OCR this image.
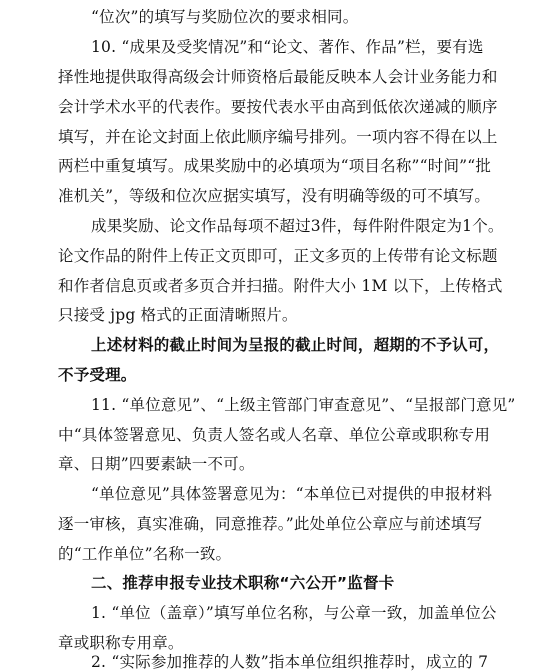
“位次”的填写与奖励位次的要求相同。
10. “成果及受奖情况”和“论文、著作、作品”栏，要有选
择性地提供取得高级会计师资格后最能反映本人会计业务能力和
会计学术水平的代表作。要按代表水平由高到低依次递减的顺序
填写，并在论文封面上依此顺序编号排列。一项内容不得在以上
两栏中重复填写。成果奖励中的必填项为“项目名称”“时间”“批
准机关”，等级和位次应据实填写，没有明确等级的可不填写。
成果奖励、论文作品每项不超过3件，每件附件限定为1个。
论文作品的附件上传正文页即可，正文多页的上传带有论文标题
和作者信息页或者多页合并扫描。附件大小 1M 以下，上传格式
只接受 jpg 格式的正面清晰照片。
上述材料的截止时间为呈报的截止时间，超期的不予认可，
不予受理。
11. “单位意见”、“上级主管部门审查意见”、“呈报部门意见”
中“具体签署意见、负责人签名或人名章、单位公章或职称专用
章、日期”四要素缺一不可。
“单位意见”具体签署意见为：“本单位已对提供的申报材料
逐一审核，真实准确，同意推荐。”此处单位公章应与前述填写
的“工作单位”名称一致。
二、推荐申报专业技术职称“六公开”监督卡
1. “单位（盖章）”填写单位名称，与公章一致，加盖单位公
章或职称专用章。
2. “实际参加推荐的人数”指本单位组织推荐时，成立的 7
